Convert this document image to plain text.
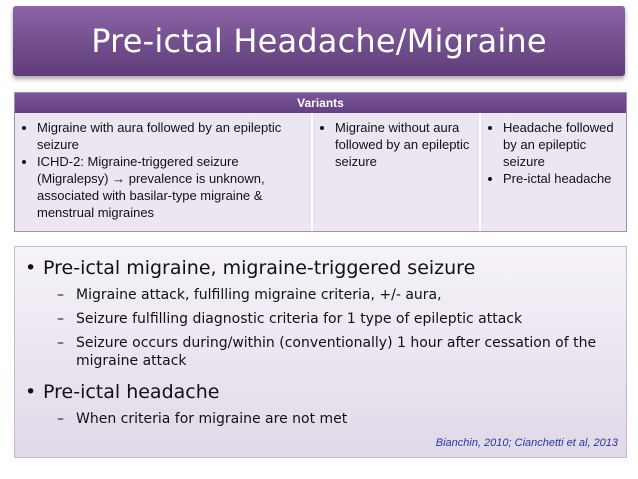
Pre-ictal Headache/Migraine
Variants
• Migraine with aura followed by an epileptic seizure
• ICHD-2: Migraine-triggered seizure (Migralepsy) → prevalence is unknown, associated with basilar-type migraine & menstrual migraines
• Migraine without aura followed by an epileptic seizure
• Headache followed by an epileptic seizure
• Pre-ictal headache
• Pre-ictal migraine, migraine-triggered seizure
– Migraine attack, fulfilling migraine criteria, +/- aura,
– Seizure fulfilling diagnostic criteria for 1 type of epileptic attack
– Seizure occurs during/within (conventionally) 1 hour after cessation of the migraine attack
• Pre-ictal headache
– When criteria for migraine are not met
Bianchin, 2010; Cianchetti et al, 2013
